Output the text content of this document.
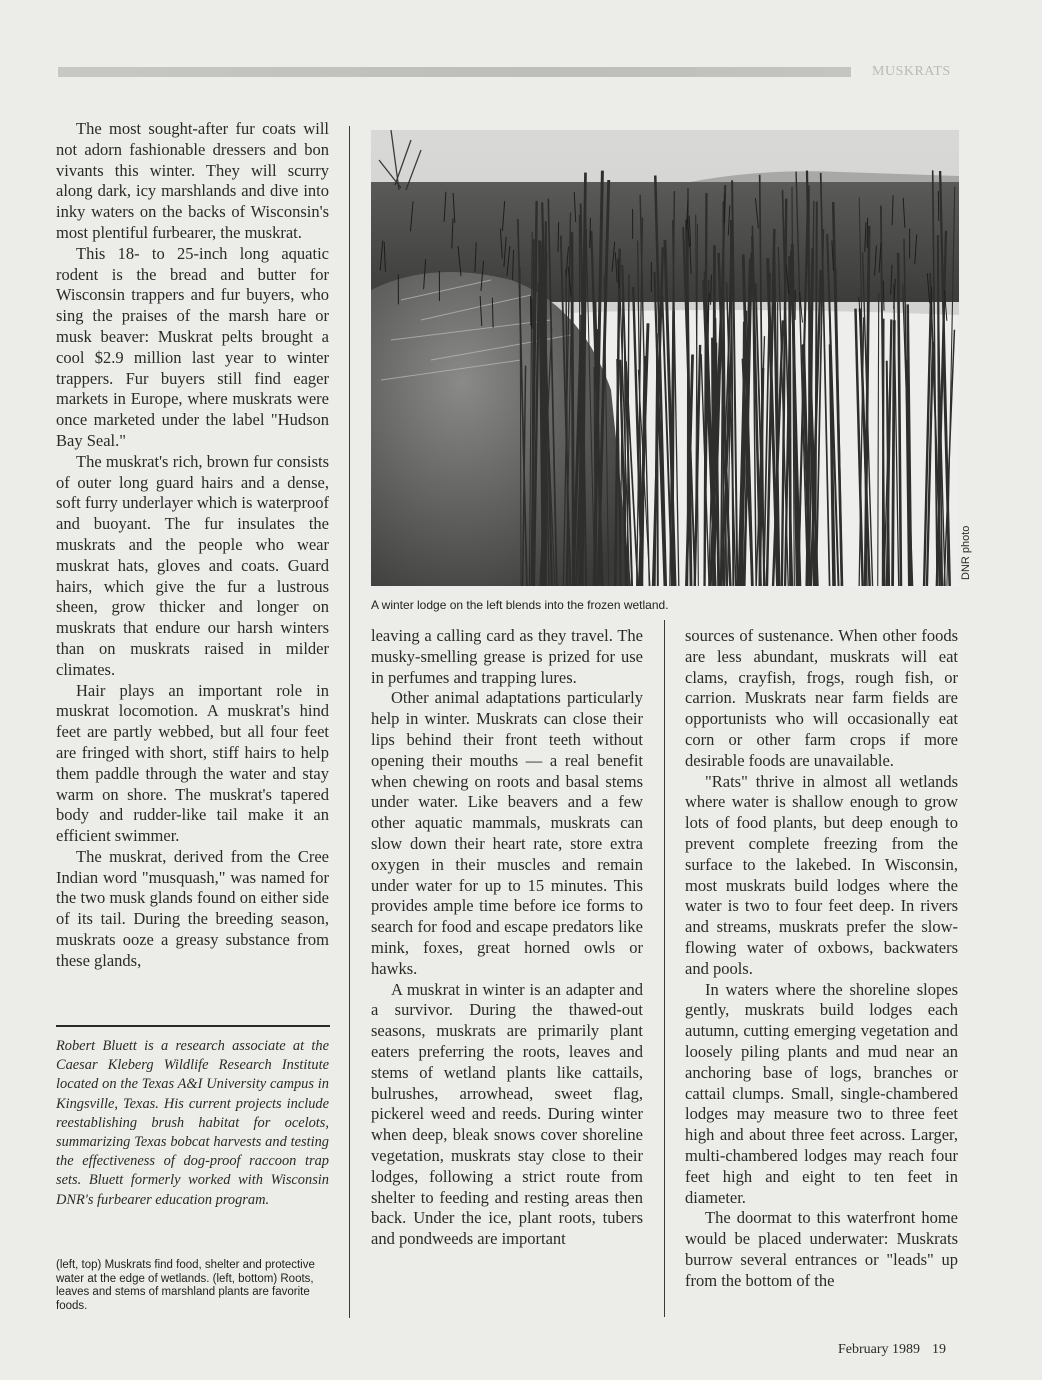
MUSKRATS

The most sought-after fur coats will not adorn fashionable dressers and bon vivants this winter. They will scurry along dark, icy marshlands and dive into inky waters on the backs of Wisconsin's most plentiful furbearer, the muskrat.

This 18- to 25-inch long aquatic rodent is the bread and butter for Wisconsin trappers and fur buyers, who sing the praises of the marsh hare or musk beaver: Muskrat pelts brought a cool $2.9 million last year to winter trappers. Fur buyers still find eager markets in Europe, where muskrats were once marketed under the label "Hudson Bay Seal."

The muskrat's rich, brown fur consists of outer long guard hairs and a dense, soft furry underlayer which is waterproof and buoyant. The fur insulates the muskrats and the people who wear muskrat hats, gloves and coats. Guard hairs, which give the fur a lustrous sheen, grow thicker and longer on muskrats that endure our harsh winters than on muskrats raised in milder climates.

Hair plays an important role in muskrat locomotion. A muskrat's hind feet are partly webbed, but all four feet are fringed with short, stiff hairs to help them paddle through the water and stay warm on shore. The muskrat's tapered body and rudder-like tail make it an efficient swimmer.

The muskrat, derived from the Cree Indian word "musquash," was named for the two musk glands found on either side of its tail. During the breeding season, muskrats ooze a greasy substance from these glands,

DNR photo
A winter lodge on the left blends into the frozen wetland.

leaving a calling card as they travel. The musky-smelling grease is prized for use in perfumes and trapping lures.

Other animal adaptations particularly help in winter. Muskrats can close their lips behind their front teeth without opening their mouths — a real benefit when chewing on roots and basal stems under water. Like beavers and a few other aquatic mammals, muskrats can slow down their heart rate, store extra oxygen in their muscles and remain under water for up to 15 minutes. This provides ample time before ice forms to search for food and escape predators like mink, foxes, great horned owls or hawks.

A muskrat in winter is an adapter and a survivor. During the thawed-out seasons, muskrats are primarily plant eaters preferring the roots, leaves and stems of wetland plants like cattails, bulrushes, arrowhead, sweet flag, pickerel weed and reeds. During winter when deep, bleak snows cover shoreline vegetation, muskrats stay close to their lodges, following a strict route from shelter to feeding and resting areas then back. Under the ice, plant roots, tubers and pondweeds are important

sources of sustenance. When other foods are less abundant, muskrats will eat clams, crayfish, frogs, rough fish, or carrion. Muskrats near farm fields are opportunists who will occasionally eat corn or other farm crops if more desirable foods are unavailable.

"Rats" thrive in almost all wetlands where water is shallow enough to grow lots of food plants, but deep enough to prevent complete freezing from the surface to the lakebed. In Wisconsin, most muskrats build lodges where the water is two to four feet deep. In rivers and streams, muskrats prefer the slow-flowing water of oxbows, backwaters and pools.

In waters where the shoreline slopes gently, muskrats build lodges each autumn, cutting emerging vegetation and loosely piling plants and mud near an anchoring base of logs, branches or cattail clumps. Small, single-chambered lodges may measure two to three feet high and about three feet across. Larger, multi-chambered lodges may reach four feet high and eight to ten feet in diameter.

The doormat to this waterfront home would be placed underwater: Muskrats burrow several entrances or "leads" up from the bottom of the

Robert Bluett is a research associate at the Caesar Kleberg Wildlife Research Institute located on the Texas A&I University campus in Kingsville, Texas. His current projects include reestablishing brush habitat for ocelots, summarizing Texas bobcat harvests and testing the effectiveness of dog-proof raccoon trap sets. Bluett formerly worked with Wisconsin DNR's furbearer education program.
(left, top) Muskrats find food, shelter and protective water at the edge of wetlands. (left, bottom) Roots, leaves and stems of marshland plants are favorite foods.
February 1989 19
